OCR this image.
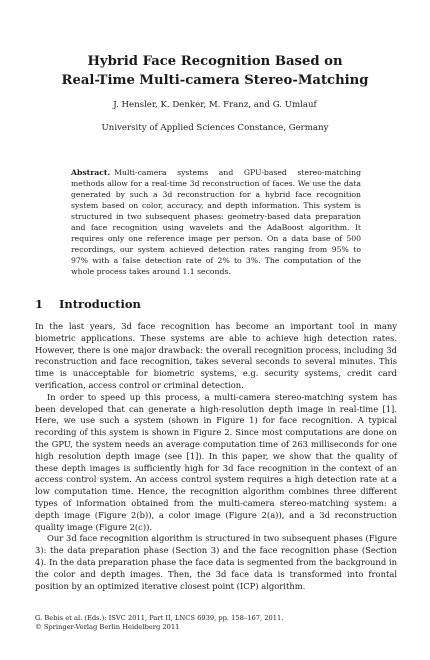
Hybrid Face Recognition Based on
Real-Time Multi-camera Stereo-Matching
J. Hensler, K. Denker, M. Franz, and G. Umlauf
University of Applied Sciences Constance, Germany
Abstract. Multi-camera systems and GPU-based stereo-matching methods allow for a real-time 3d reconstruction of faces. We use the data generated by such a 3d reconstruction for a hybrid face recognition system based on color, accuracy, and depth information. This system is structured in two subsequent phases: geometry-based data preparation and face recognition using wavelets and the AdaBoost algorithm. It requires only one reference image per person. On a data base of 500 recordings, our system achieved detection rates ranging from 95% to 97% with a false detection rate of 2% to 3%. The computation of the whole process takes around 1.1 seconds.
1 Introduction

In the last years, 3d face recognition has become an important tool in many biometric applications. These systems are able to achieve high detection rates. However, there is one major drawback: the overall recognition process, including 3d reconstruction and face recognition, takes several seconds to several minutes. This time is unacceptable for biometric systems, e.g. security systems, credit card verification, access control or criminal detection.

In order to speed up this process, a multi-camera stereo-matching system has been developed that can generate a high-resolution depth image in real-time [1]. Here, we use such a system (shown in Figure 1) for face recognition. A typical recording of this system is shown in Figure 2. Since most computations are done on the GPU, the system needs an average computation time of 263 milliseconds for one high resolution depth image (see [1]). In this paper, we show that the quality of these depth images is sufficiently high for 3d face recognition in the context of an access control system. An access control system requires a high detection rate at a low computation time. Hence, the recognition algorithm combines three different types of information obtained from the multi-camera stereo-matching system: a depth image (Figure 2(b)), a color image (Figure 2(a)), and a 3d reconstruction quality image (Figure 2(c)).

Our 3d face recognition algorithm is structured in two subsequent phases (Figure 3): the data preparation phase (Section 3) and the face recognition phase (Section 4). In the data preparation phase the face data is segmented from the background in the color and depth images. Then, the 3d face data is transformed into frontal position by an optimized iterative closest point (ICP) algorithm.

G. Bebis et al. (Eds.): ISVC 2011, Part II, LNCS 6939, pp. 158–167, 2011.
© Springer-Verlag Berlin Heidelberg 2011
